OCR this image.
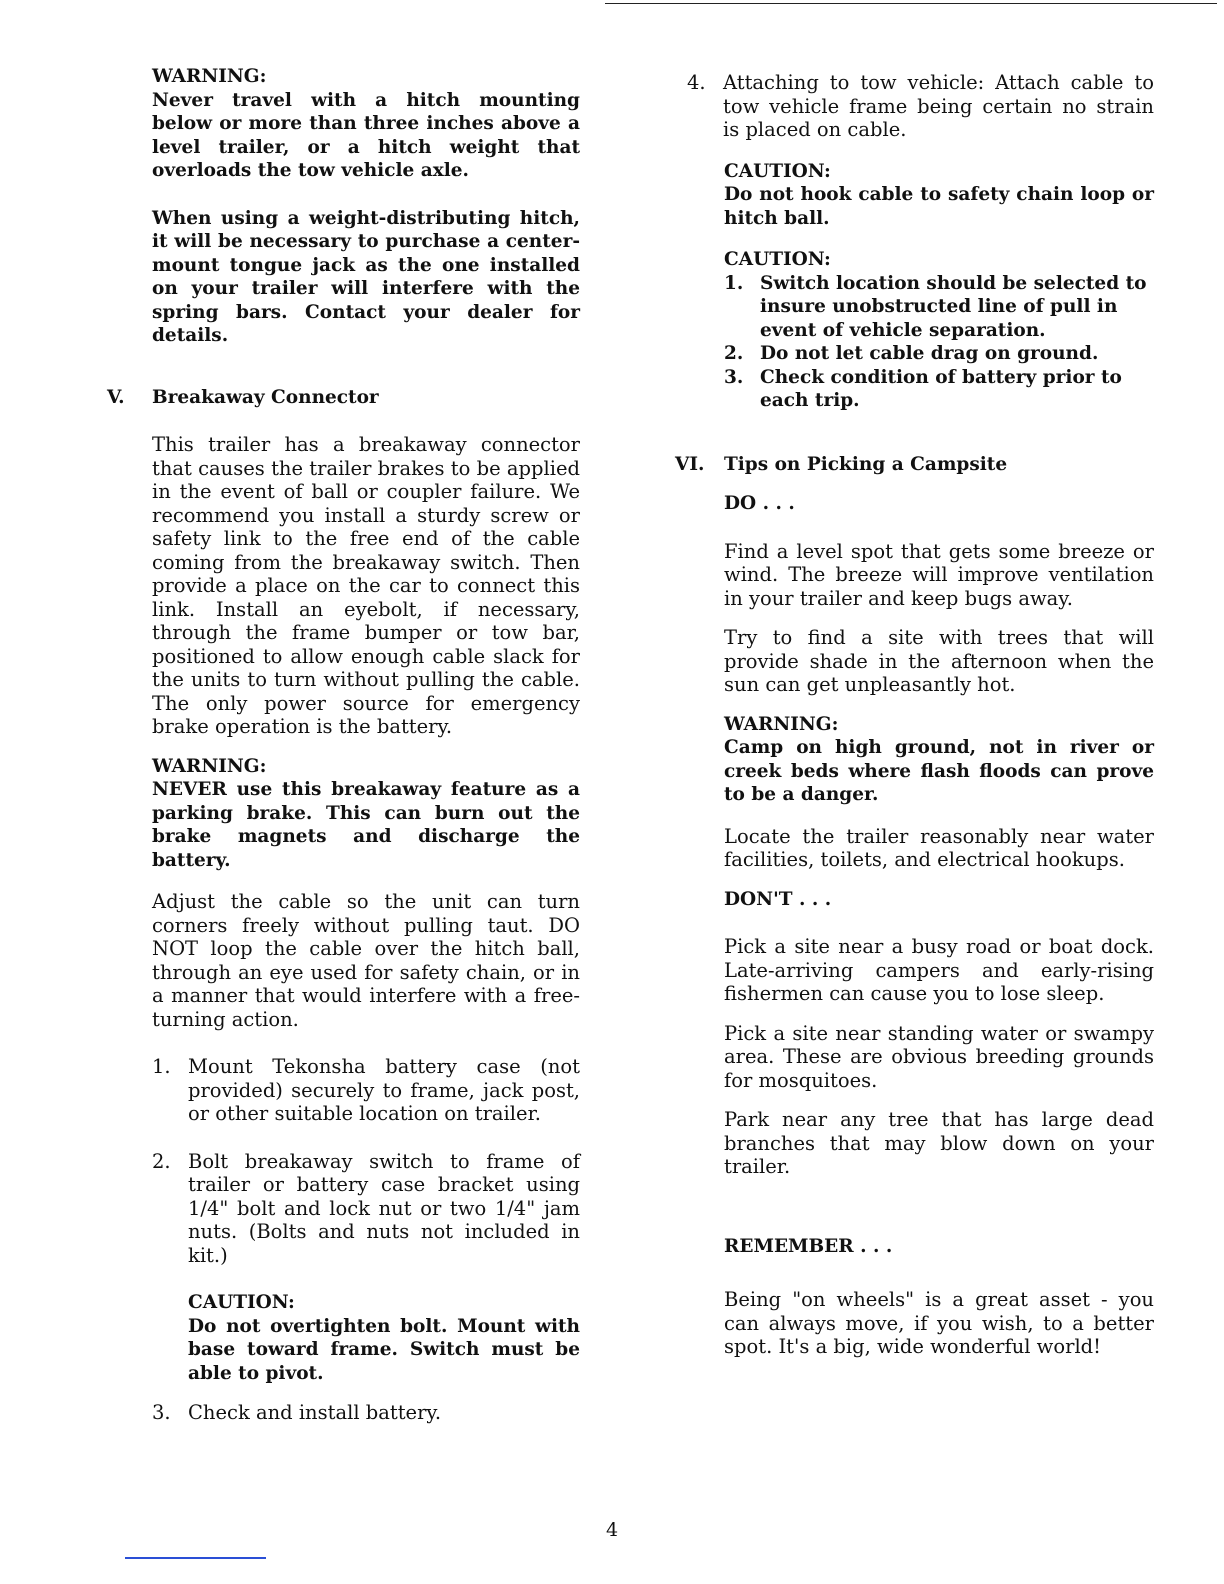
WARNING:

Never travel with a hitch mounting below or more than three inches above a level trailer, or a hitch weight that overloads the tow vehicle axle.

When using a weight-distributing hitch, it will be necessary to purchase a center-mount tongue jack as the one installed on your trailer will interfere with the spring bars. Contact your dealer for details.

V. Breakaway Connector

This trailer has a breakaway connector that causes the trailer brakes to be applied in the event of ball or coupler failure. We recommend you install a sturdy screw or safety link to the free end of the cable coming from the breakaway switch. Then provide a place on the car to connect this link. Install an eyebolt, if necessary, through the frame bumper or tow bar, positioned to allow enough cable slack for the units to turn without pulling the cable. The only power source for emergency brake operation is the battery.

WARNING:

NEVER use this breakaway feature as a parking brake. This can burn out the brake magnets and discharge the battery.

Adjust the cable so the unit can turn corners freely without pulling taut. DO NOT loop the cable over the hitch ball, through an eye used for safety chain, or in a manner that would interfere with a free-turning action.

1. Mount Tekonsha battery case (not provided) securely to frame, jack post, or other suitable location on trailer.
2. Bolt breakaway switch to frame of trailer or battery case bracket using 1/4" bolt and lock nut or two 1/4" jam nuts. (Bolts and nuts not included in kit.)

CAUTION:

Do not overtighten bolt. Mount with base toward frame. Switch must be able to pivot.

3. Check and install battery.
4. Attaching to tow vehicle: Attach cable to tow vehicle frame being certain no strain is placed on cable.

CAUTION:

Do not hook cable to safety chain loop or hitch ball.

CAUTION:

1. Switch location should be selected to insure unobstructed line of pull in event of vehicle separation.
2. Do not let cable drag on ground.
3. Check condition of battery prior to each trip.
VI. Tips on Picking a Campsite

DO . . .

Find a level spot that gets some breeze or wind. The breeze will improve ventilation in your trailer and keep bugs away.

Try to find a site with trees that will provide shade in the afternoon when the sun can get unpleasantly hot.

WARNING:

Camp on high ground, not in river or creek beds where flash floods can prove to be a danger.

Locate the trailer reasonably near water facilities, toilets, and electrical hookups.

DON'T . . .

Pick a site near a busy road or boat dock. Late-arriving campers and early-rising fishermen can cause you to lose sleep.

Pick a site near standing water or swampy area. These are obvious breeding grounds for mosquitoes.

Park near any tree that has large dead branches that may blow down on your trailer.

REMEMBER . . .

Being "on wheels" is a great asset - you can always move, if you wish, to a better spot. It's a big, wide wonderful world!

4
